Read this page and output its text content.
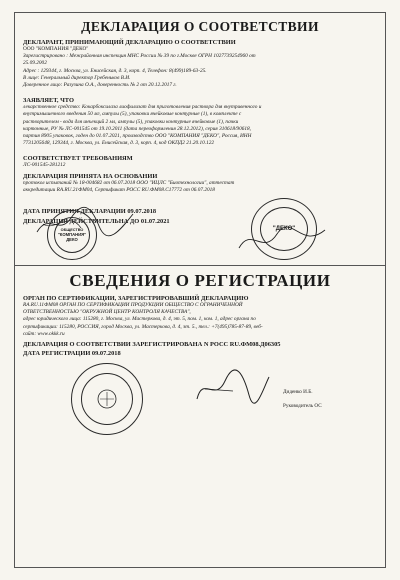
ДЕКЛАРАЦИЯ О СООТВЕТСТВИИ
ДЕКЛАРАНТ, ПРИНИМАЮЩИЙ ДЕКЛАРАЦИЮ О СООТВЕТСТВИИ
ООО "КОМПАНИЯ "ДЕКО"
Зарегистрировано : Межрайонная инспекция МНС России № 39 по г.Москве ОГРН 1027739254960 от
25.09.2002
Адрес : 129344, г. Москва, ул. Енисейская, д. 3, корп. 4, Телефон: 8(499)189-63-25.
В лице: Генеральный директор Гребеньков В.И.
Доверенное лицо: Разузина О.А., доверенность № 2 от 20.12.2017 г.
ЗАЯВЛЯЕТ, ЧТО
лекарственное средство: Кокарбоксилаза лиофилизат для приготовления раствора для внутривенного и
внутримышечного введения 50 мг, ампулы (5), упаковки ячейковые контурные (1), в комплекте с
растворителем - вода для инъекций 2 мл, ампулы (5), упаковки контурные ячейковые (1), пачки
картонные, РУ № ЛС-001545 от 19.10.2011 (дата переоформления 28.12.2012), серия 310618/90618,
партия 8905 упаковок, годен до 01.07.2021, производство ООО "КОМПАНИЯ "ДЕКО", Россия, ИНН
7731205648, 129344, г. Москва, ул. Енисейская, д. 3, корп. 4, код ОКПД2 21.20.10.122
СООТВЕТСТВУЕТ ТРЕБОВАНИЯМ
ЛС-001545-281212
ДЕКЛАРАЦИЯ ПРИНЯТА НА ОСНОВАНИИ
протокол испытаний № 18-004682 от 06.07.2018 ООО "ИЦЛС "Биотехнологии", аттестат
аккредитации RA.RU.21ФМ04, Сертификат РОСС RU.ФМ08.C17772 от 06.07.2018
ДАТА ПРИНЯТИЯ ДЕКЛАРАЦИИ 09.07.2018
ДЕКЛАРАЦИЯ ДЕЙСТВИТЕЛЬНА ДО 01.07.2021
ОБЩЕСТВО
"КОМПАНИЯ"
ДЕКО
"ДЕКО"
СВЕДЕНИЯ О РЕГИСТРАЦИИ
ОРГАН ПО СЕРТИФИКАЦИИ, ЗАРЕГИСТРИРОВАВШИЙ ДЕКЛАРАЦИЮ
RA.RU.11ФМ08 ОРГАН ПО СЕРТИФИКАЦИИ ПРОДУКЦИИ ОБЩЕСТВО С ОГРАНИЧЕННОЙ
ОТВЕТСТВЕННОСТЬЮ "ОКРУЖНОЙ ЦЕНТР КОНТРОЛЯ КАЧЕСТВА",
адрес юридического лица: 115280, г. Москва, ул. Мастеркова, д. 4, эт. 5, пом. 1, ком. 1, адрес органа по
сертификации: 115280, РОССИЯ, город Москва, ул. Мастеркова, д. 4, эт. 5., тел.: +7(495)785-87-89, веб-
сайт: www.okkk.ru
ДЕКЛАРАЦИЯ О СООТВЕТСТВИИ ЗАРЕГИСТРИРОВАНА N РОСС RU.ФМ08.Д06305
ДАТА РЕГИСТРАЦИИ 09.07.2018
Диденко И.Б.
Руководитель ОС
